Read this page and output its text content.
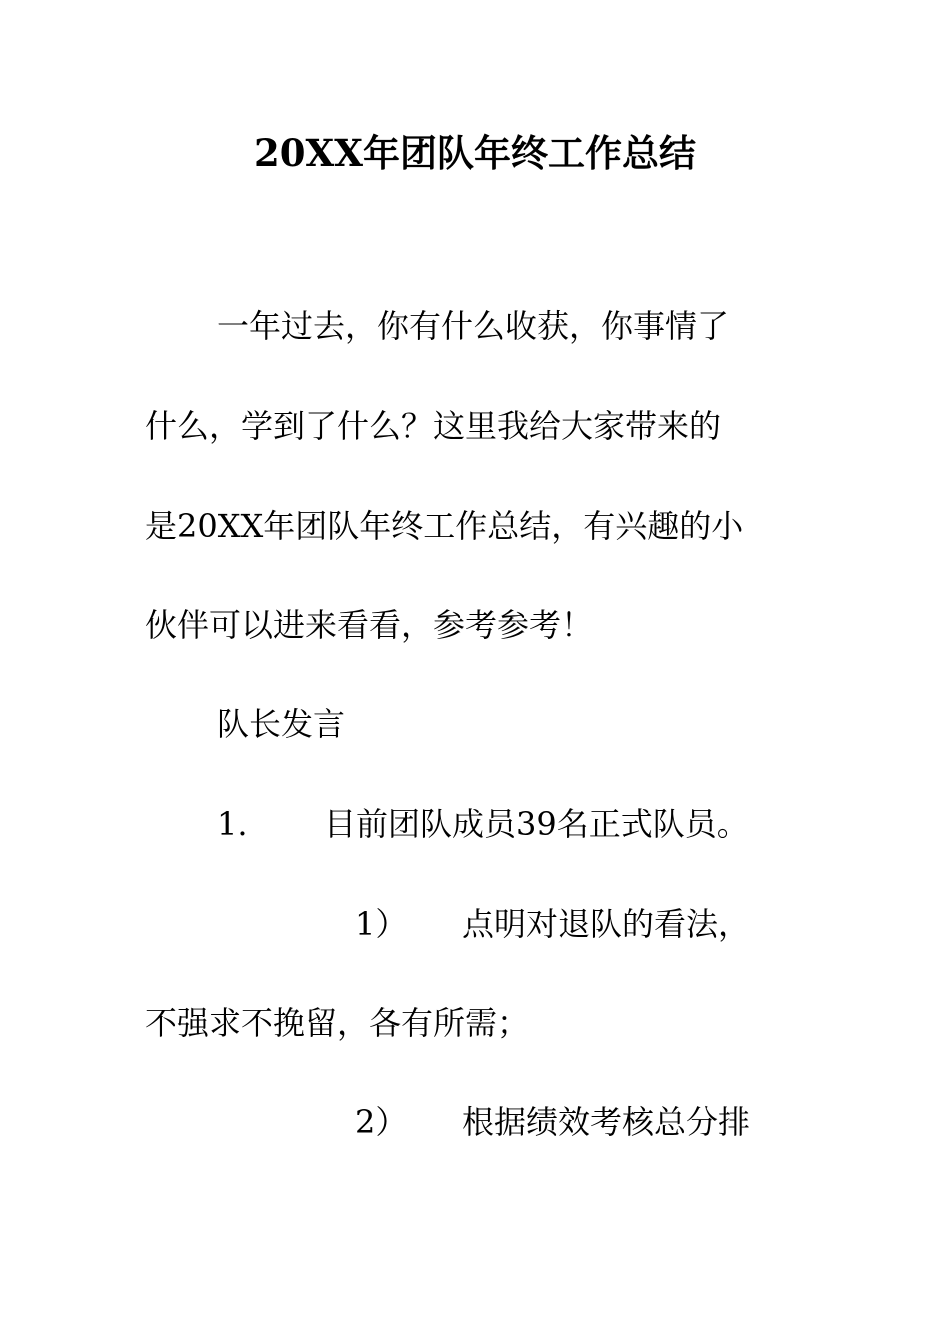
20XX年团队年终工作总结
一年过去，你有什么收获，你事情了
什么，学到了什么？这里我给大家带来的
是20XX年团队年终工作总结，有兴趣的小
伙伴可以进来看看，参考参考！
队长发言
1. 目前团队成员39名正式队员。
1） 点明对退队的看法，
不强求不挽留，各有所需；
2） 根据绩效考核总分排
